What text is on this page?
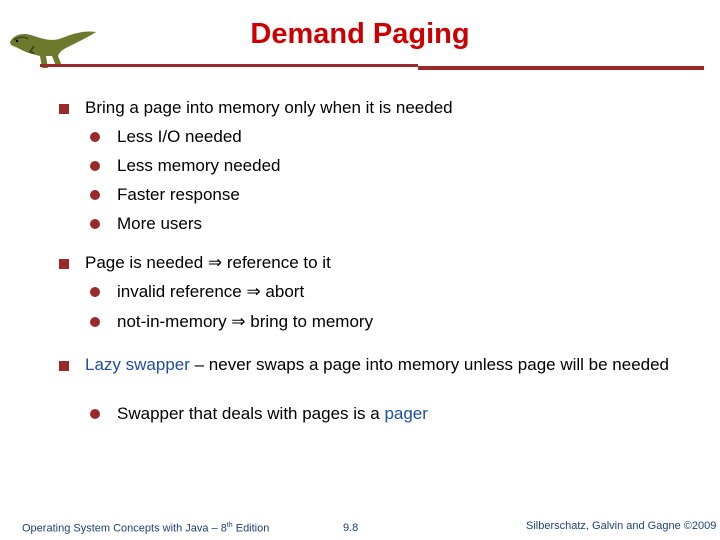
Demand Paging
Bring a page into memory only when it is needed
Less I/O needed
Less memory needed
Faster response
More users
Page is needed ⇒ reference to it
invalid reference ⇒ abort
not-in-memory ⇒ bring to memory
Lazy swapper – never swaps a page into memory unless page will be needed
Swapper that deals with pages is a pager
Operating System Concepts with Java – 8th Edition	9.8	Silberschatz, Galvin and Gagne ©2009
